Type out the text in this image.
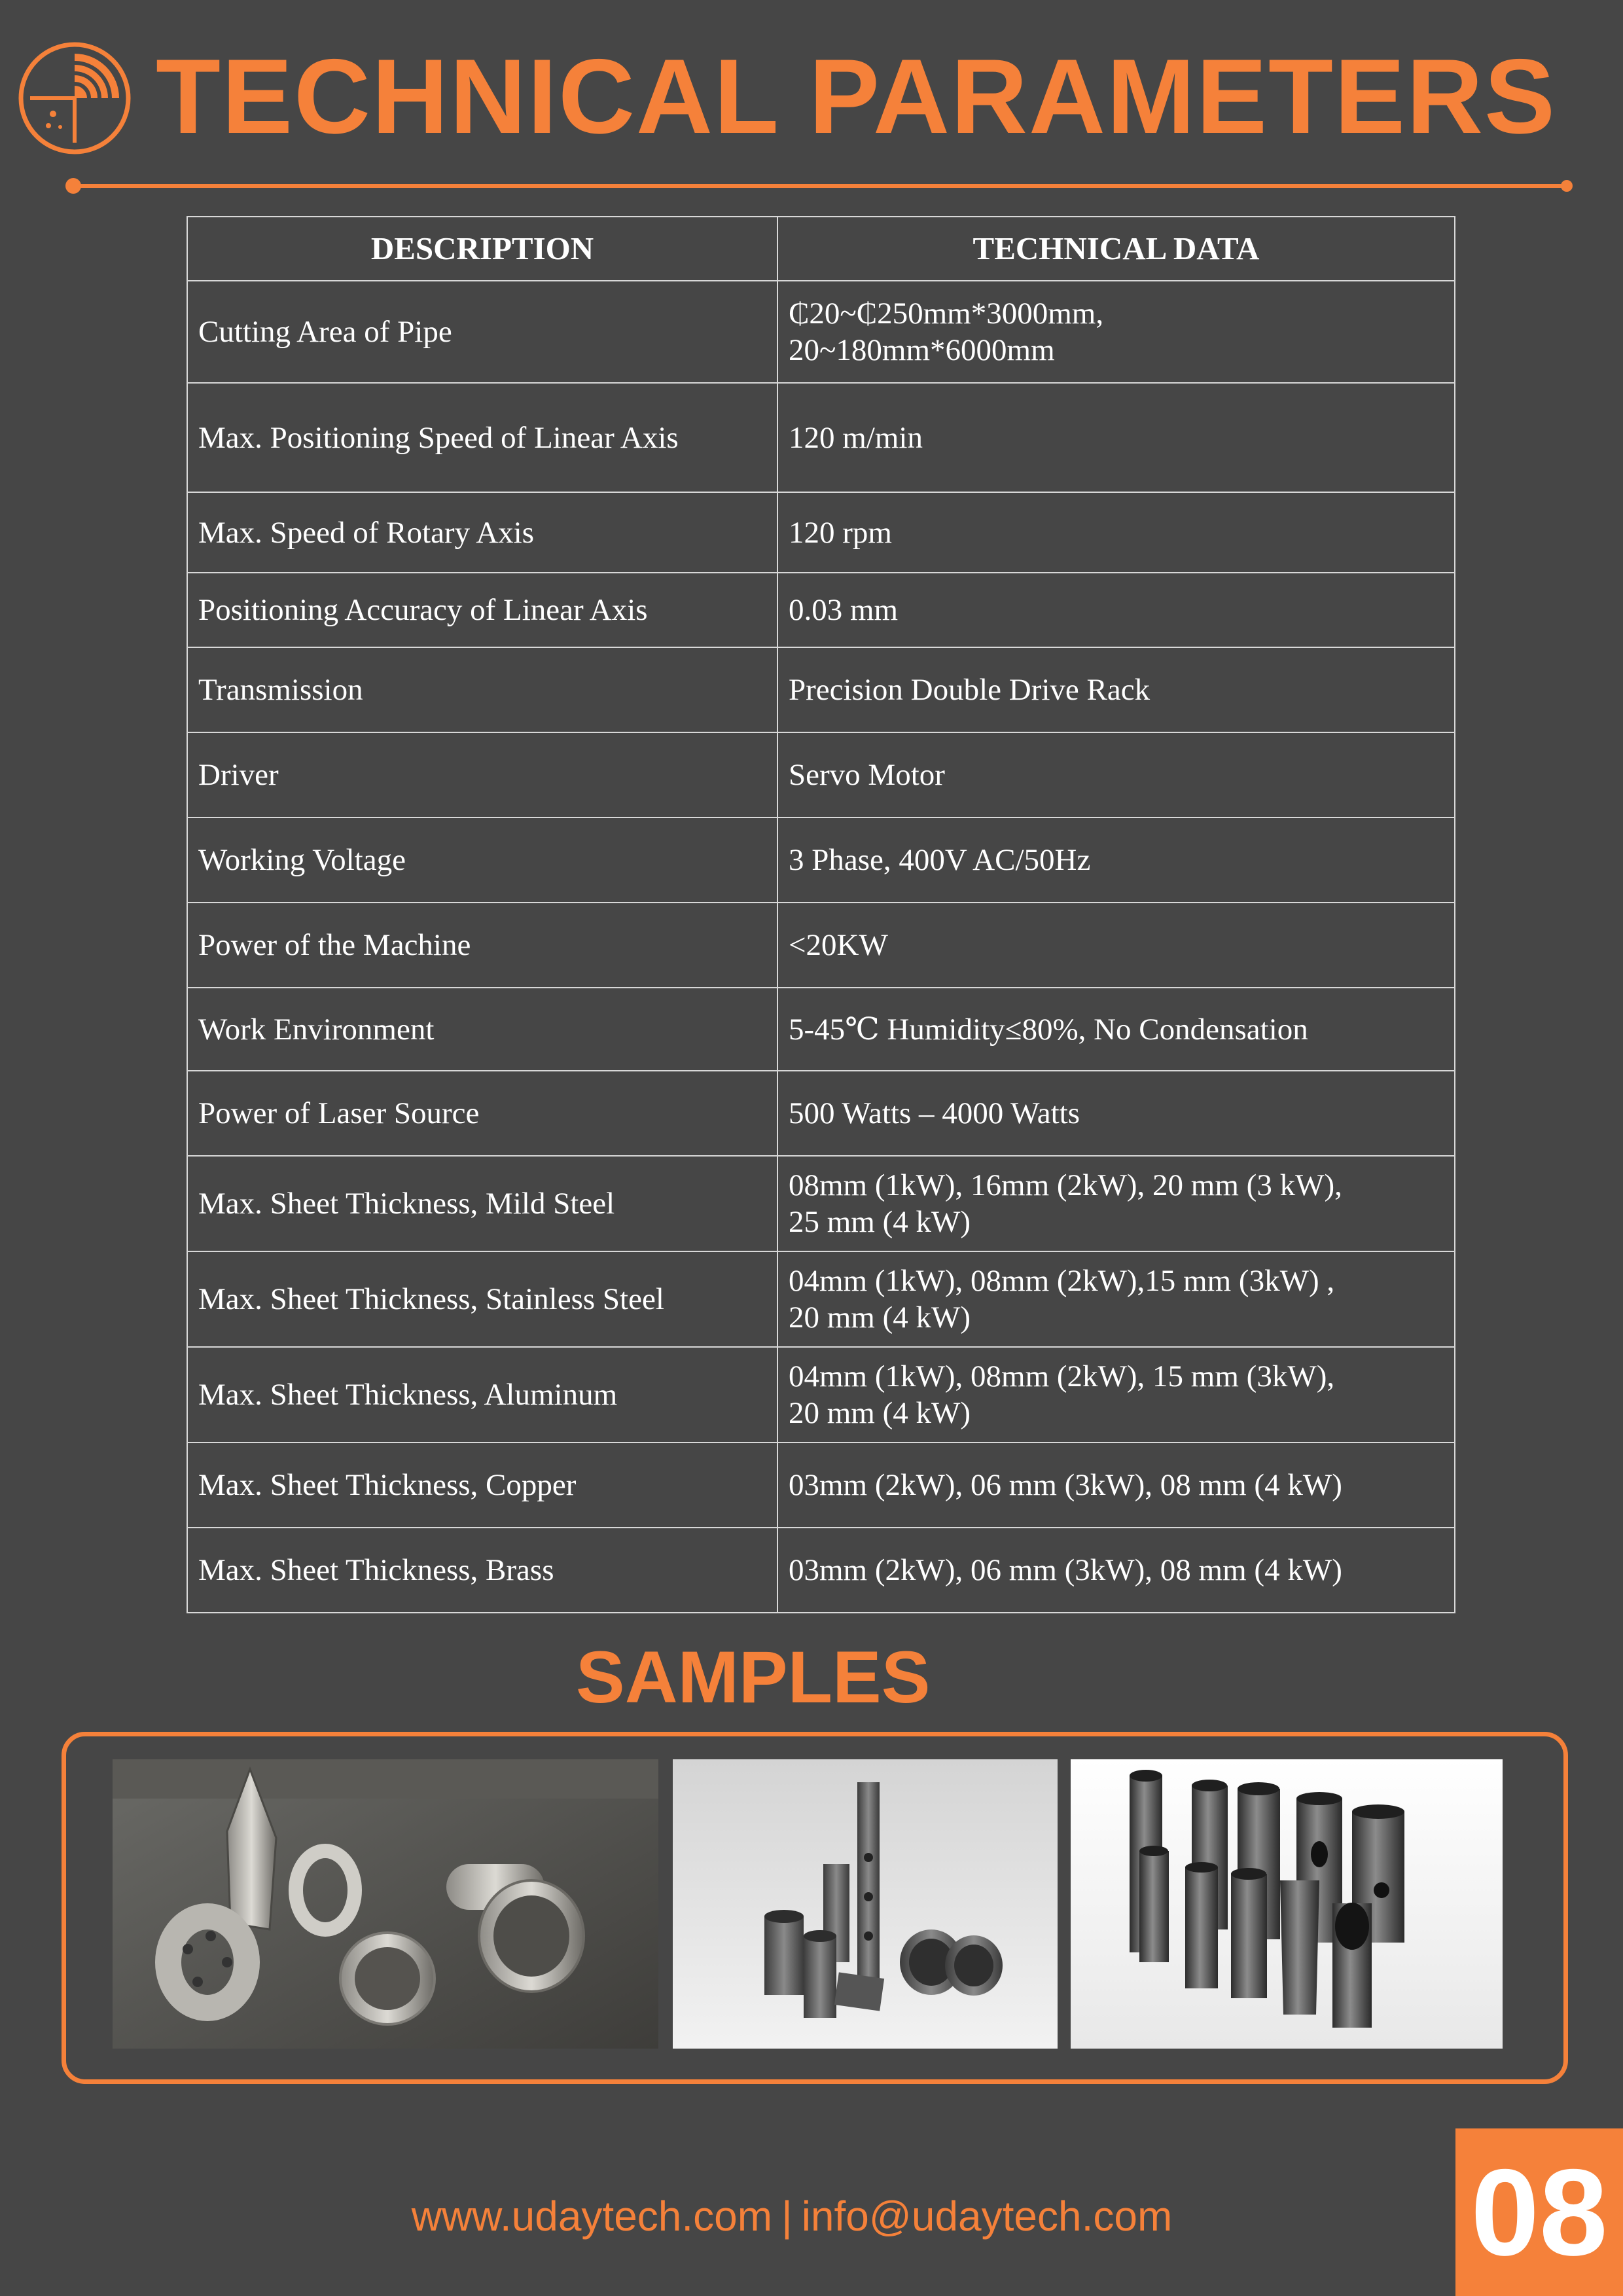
TECHNICAL PARAMETERS
DESCRIPTION	TECHNICAL DATA
Cutting Area of Pipe	₵20~₵250mm*3000mm,
20~180mm*6000mm

Max. Positioning Speed of Linear Axis	120 m/min

Max. Speed of Rotary Axis	120 rpm

Positioning Accuracy of Linear Axis	0.03 mm

Transmission	Precision Double Drive Rack

Driver	Servo Motor

Working Voltage	3 Phase, 400V AC/50Hz

Power of the Machine	<20KW

Work Environment	5-45℃ Humidity≤80%, No Condensation

Power of Laser Source	500 Watts – 4000 Watts

Max. Sheet Thickness, Mild Steel	08mm (1kW), 16mm (2kW), 20 mm (3 kW),
25 mm (4 kW)

Max. Sheet Thickness, Stainless Steel	04mm (1kW), 08mm (2kW),15 mm (3kW) ,
20 mm (4 kW)

Max. Sheet Thickness, Aluminum	04mm (1kW), 08mm (2kW), 15 mm (3kW),
20 mm (4 kW)

Max. Sheet Thickness, Copper	03mm (2kW), 06 mm (3kW), 08 mm (4 kW)

Max. Sheet Thickness, Brass	03mm (2kW), 06 mm (3kW), 08 mm (4 kW)
SAMPLES
www.udaytech.com | info@udaytech.com	08
